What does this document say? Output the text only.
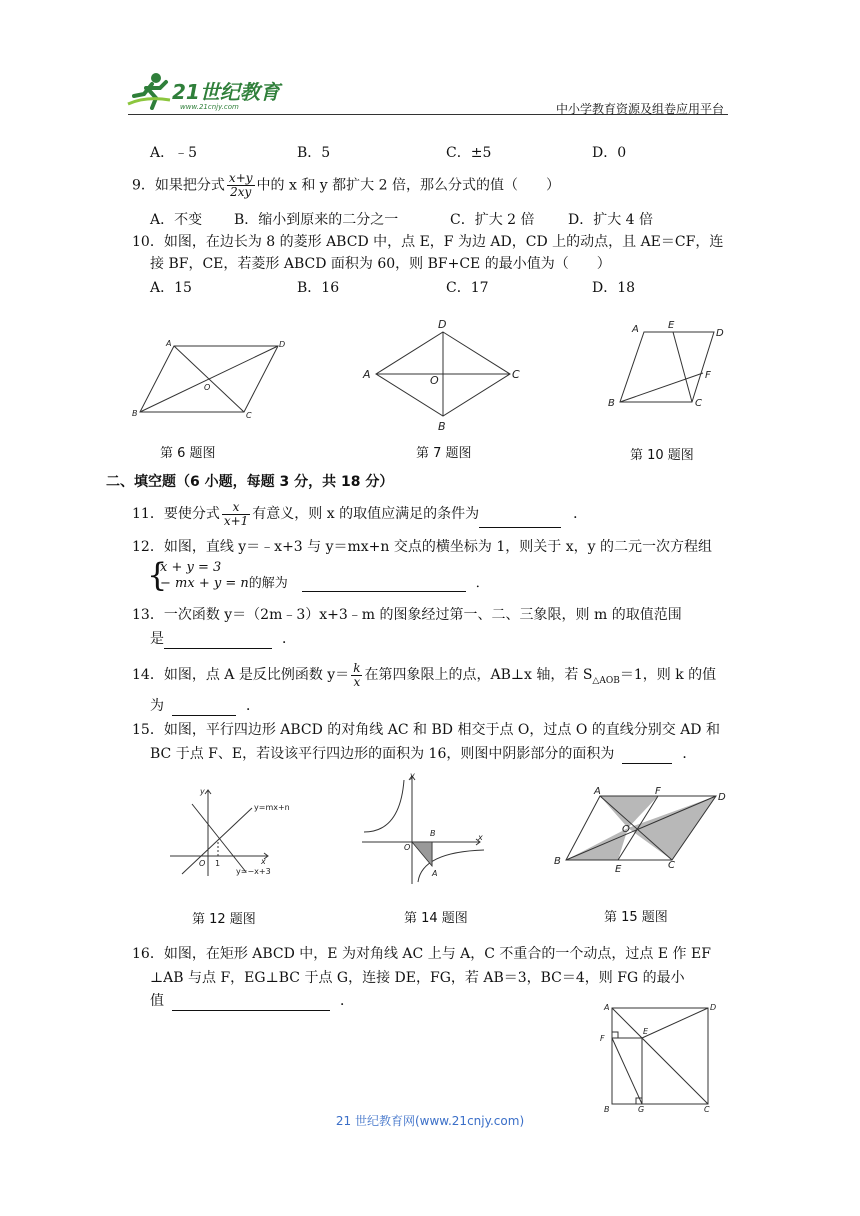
21世纪教育
www.21cnjy.com	中小学教育资源及组卷应用平台
A．﹣5	B．5	C．±5	D．0
9．如果把分式 $\frac{x+y}{2xy}$ 中的 x 和 y 都扩大 2 倍，那么分式的值（　　）
A．不变 B．缩小到原来的二分之一	C．扩大 2 倍 D．扩大 4 倍
10．如图，在边长为 8 的菱形 ABCD 中，点 E，F 为边 AD，CD 上的动点，且 AE＝CF，连
接 BF，CE，若菱形 ABCD 面积为 60，则 BF+CE 的最小值为（　　）
A．15	B．16	C．17	D．18
A	D
O
B	C
第 6 题图
D
A	O	C
B
第 7 题图
A	E
D
F
B	C
第 10 题图
二、填空题（6 小题，每题 3 分，共 18 分）
11．要使分式 $\frac{x}{x+1}$ 有意义，则 x 的取值应满足的条件为	．
12．如图，直线 y＝﹣x+3 与 y＝mx+n 交点的横坐标为 1，则关于 x，y 的二元一次方程组
{
x + y = 3
− mx + y = n的解为	．
13．一次函数 y＝（2m﹣3）x+3﹣m 的图象经过第一、二、三象限，则 m 的取值范围
是	．
14．如图，点 A 是反比例函数 $y= \frac{k}{x}$ 在第四象限上的点，AB⊥x 轴，若 $S_{\triangle AOB}=1$，则 k 的值
为	．
15．如图，平行四边形 ABCD 的对角线 AC 和 BD 相交于点 O，过点 O 的直线分别交 AD 和
BC 于点 F、E，若设该平行四边形的面积为 16，则图中阴影部分的面积为	．
y
y=mx+n
O 1	x
y=−x+3
第 12 题图
y
B
O
x
A
第 14 题图
A	F
D
O
B
E	C
第 15 题图
16．如图，在矩形 ABCD 中，E 为对角线 AC 上与 A，C 不重合的一个动点，过点 E 作 EF
⊥AB 与点 F，EG⊥BC 于点 G，连接 DE，FG，若 AB＝3，BC＝4，则 FG 的最小
值	．	A	D
F
E
B	G	C
21 世纪教育网(www.21cnjy.com)
